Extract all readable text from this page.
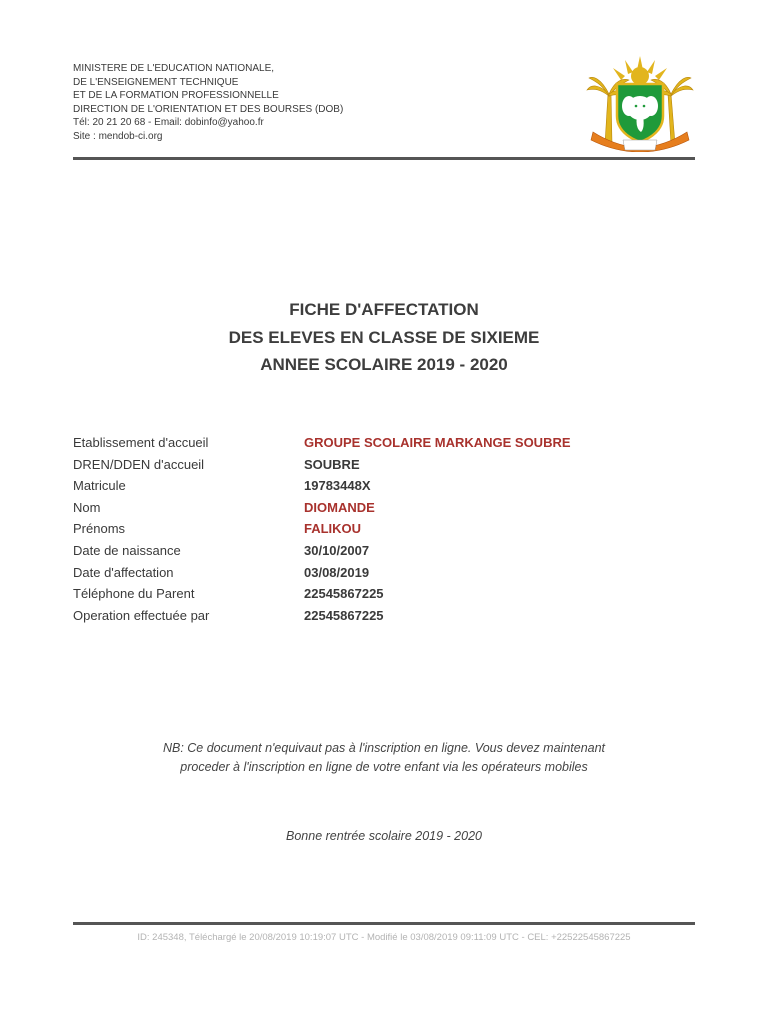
MINISTERE DE L'EDUCATION NATIONALE,
DE L'ENSEIGNEMENT TECHNIQUE
ET DE LA FORMATION PROFESSIONNELLE
DIRECTION DE L'ORIENTATION ET DES BOURSES (DOB)
Tél: 20 21 20 68 - Email: dobinfo@yahoo.fr
Site : mendob-ci.org
FICHE D'AFFECTATION
DES ELEVES EN CLASSE DE SIXIEME
ANNEE SCOLAIRE 2019 - 2020
Etablissement d'accueil	GROUPE SCOLAIRE MARKANGE SOUBRE
DREN/DDEN d'accueil	SOUBRE
Matricule	19783448X
Nom	DIOMANDE
Prénoms	FALIKOU
Date de naissance	30/10/2007
Date d'affectation	03/08/2019
Téléphone du Parent	22545867225
Operation effectuée par	22545867225
NB: Ce document n'equivaut pas à l'inscription en ligne. Vous devez maintenant
proceder à l'inscription en ligne de votre enfant via les opérateurs mobiles
Bonne rentrée scolaire 2019 - 2020
ID: 245348, Téléchargé le 20/08/2019 10:19:07 UTC - Modifié le 03/08/2019 09:11:09 UTC - CEL: +22522545867225
